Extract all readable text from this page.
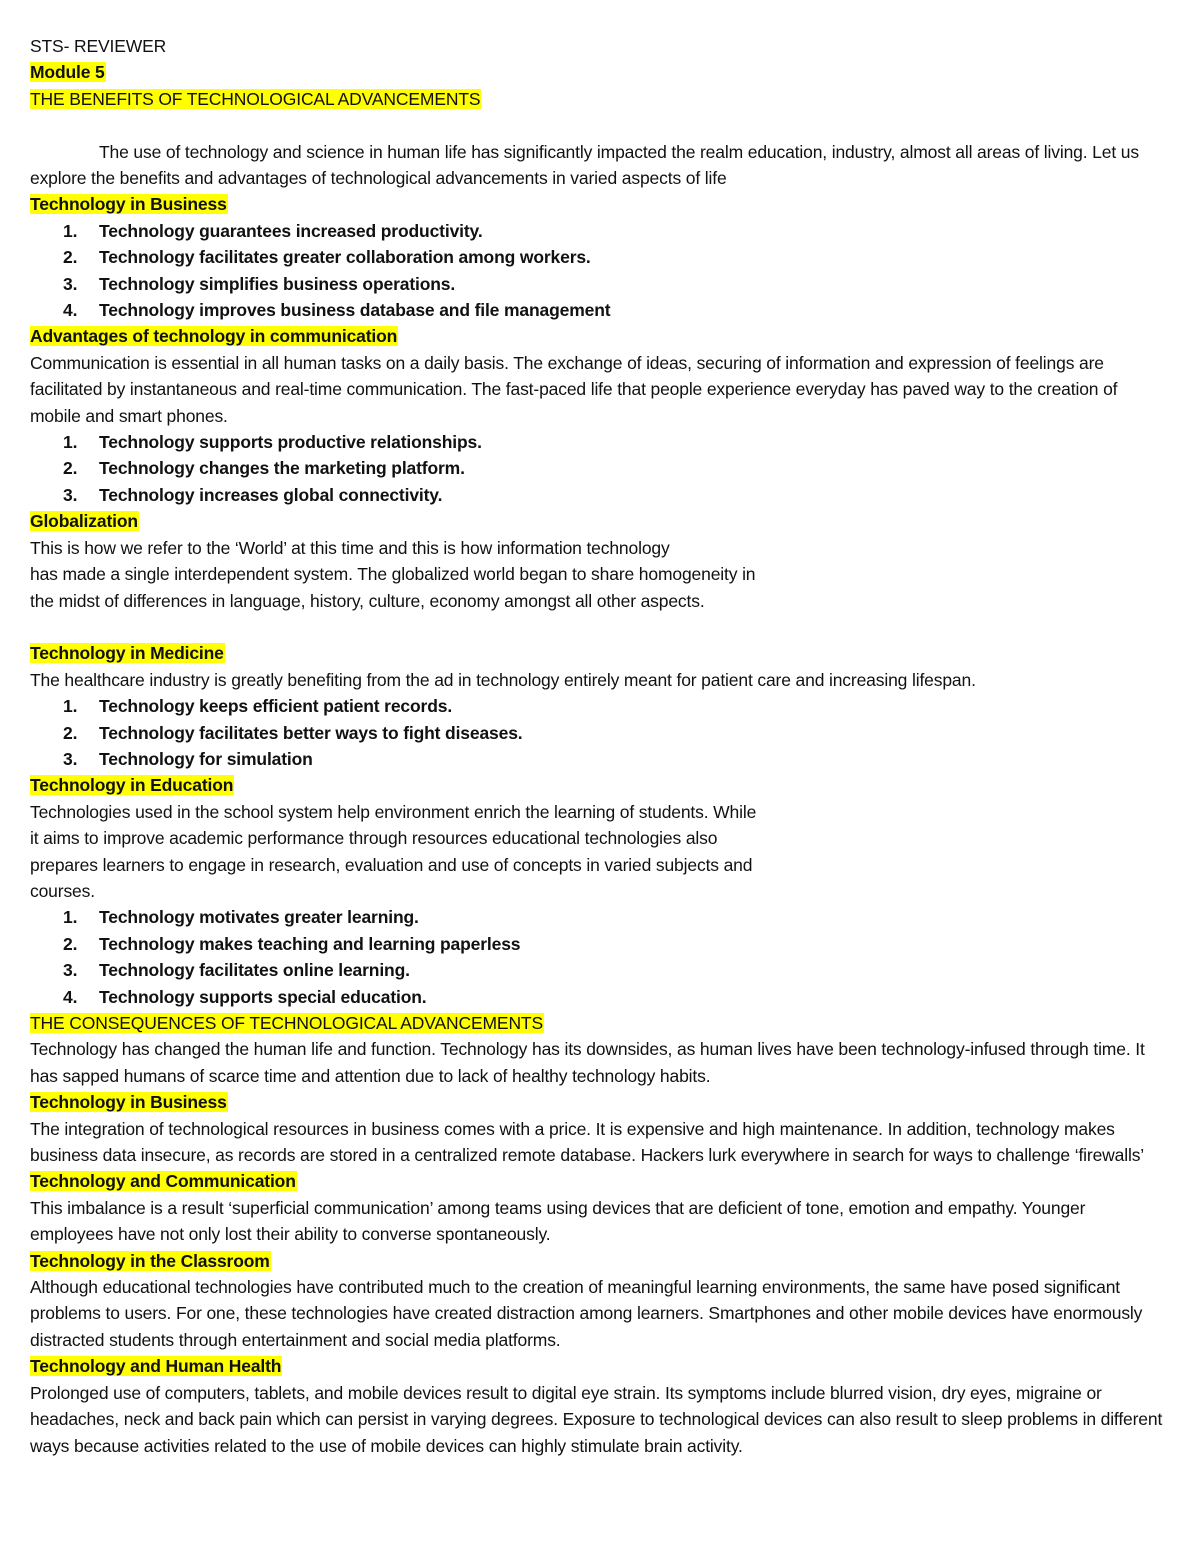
STS- REVIEWER
Module 5
THE BENEFITS OF TECHNOLOGICAL ADVANCEMENTS

The use of technology and science in human life has significantly impacted the realm education, industry, almost all areas of living. Let us explore the benefits and advantages of technological advancements in varied aspects of life

Technology in Business
Technology guarantees increased productivity.
Technology facilitates greater collaboration among workers.
Technology simplifies business operations.
Technology improves business database and file management
Advantages of technology in communication

Communication is essential in all human tasks on a daily basis. The exchange of ideas, securing of information and expression of feelings are facilitated by instantaneous and real-time communication. The fast-paced life that people experience everyday has paved way to the creation of mobile and smart phones.

Technology supports productive relationships.
Technology changes the marketing platform.
Technology increases global connectivity.
Globalization
This is how we refer to the ‘World’ at this time and this is how information technology
has made a single interdependent system. The globalized world began to share homogeneity in
the midst of differences in language, history, culture, economy amongst all other aspects.
Technology in Medicine

The healthcare industry is greatly benefiting from the ad in technology entirely meant for patient care and increasing lifespan.

Technology keeps efficient patient records.
Technology facilitates better ways to fight diseases.
Technology for simulation
Technology in Education
Technologies used in the school system help environment enrich the learning of students. While
it aims to improve academic performance through resources educational technologies also
prepares learners to engage in research, evaluation and use of concepts in varied subjects and
courses.
Technology motivates greater learning.
Technology makes teaching and learning paperless
Technology facilitates online learning.
Technology supports special education.
THE CONSEQUENCES OF TECHNOLOGICAL ADVANCEMENTS

Technology has changed the human life and function. Technology has its downsides, as human lives have been technology-infused through time. It has sapped humans of scarce time and attention due to lack of healthy technology habits.

Technology in Business

The integration of technological resources in business comes with a price. It is expensive and high maintenance. In addition, technology makes business data insecure, as records are stored in a centralized remote database. Hackers lurk everywhere in search for ways to challenge ‘firewalls’

Technology and Communication

This imbalance is a result ‘superficial communication’ among teams using devices that are deficient of tone, emotion and empathy. Younger employees have not only lost their ability to converse spontaneously.

Technology in the Classroom

Although educational technologies have contributed much to the creation of meaningful learning environments, the same have posed significant problems to users. For one, these technologies have created distraction among learners. Smartphones and other mobile devices have enormously distracted students through entertainment and social media platforms.

Technology and Human Health

Prolonged use of computers, tablets, and mobile devices result to digital eye strain. Its symptoms include blurred vision, dry eyes, migraine or headaches, neck and back pain which can persist in varying degrees. Exposure to technological devices can also result to sleep problems in different ways because activities related to the use of mobile devices can highly stimulate brain activity.
